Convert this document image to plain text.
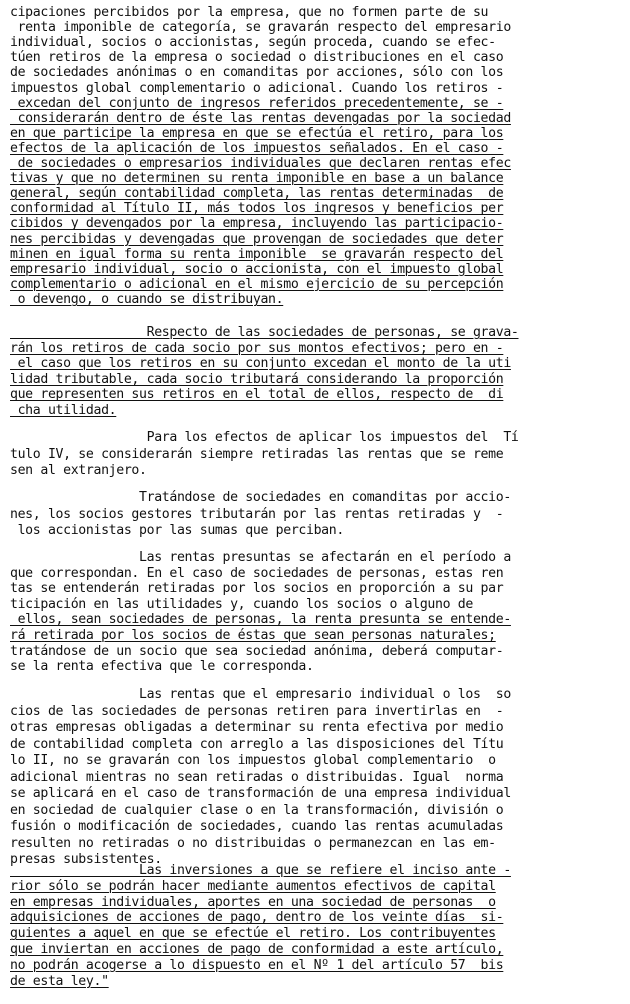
cipaciones percibidos por la empresa, que no formen parte de su
renta imponible de categoría, se gravarán respecto del empresario
individual, socios o accionistas, según proceda, cuando se efec-
túen retiros de la empresa o sociedad o distribuciones en el caso
de sociedades anónimas o en comanditas por acciones, sólo con los
impuestos global complementario o adicional. Cuando los retiros -
excedan del conjunto de ingresos referidos precedentemente, se -
considerarán dentro de éste las rentas devengadas por la sociedad
en que participe la empresa en que se efectúa el retiro, para los
efectos de la aplicación de los impuestos señalados. En el caso -
de sociedades o empresarios individuales que declaren rentas efec
tivas y que no determinen su renta imponible en base a un balance
general, según contabilidad completa, las rentas determinadas  de
conformidad al Título II, más todos los ingresos y beneficios per
cibidos y devengados por la empresa, incluyendo las participacio-
nes percibidas y devengadas que provengan de sociedades que deter
minen en igual forma su renta imponible  se gravarán respecto del
empresario individual, socio o accionista, con el impuesto global
complementario o adicional en el mismo ejercicio de su percepción
o devengo, o cuando se distribuyan.
Respecto de las sociedades de personas, se grava-
rán los retiros de cada socio por sus montos efectivos; pero en -
el caso que los retiros en su conjunto excedan el monto de la uti
lidad tributable, cada socio tributará considerando la proporción
que representen sus retiros en el total de ellos, respecto de  di
cha utilidad.
Para los efectos de aplicar los impuestos del  Tí
tulo IV, se considerarán siempre retiradas las rentas que se reme
sen al extranjero.
Tratándose de sociedades en comanditas por accio-
nes, los socios gestores tributarán por las rentas retiradas y  -
los accionistas por las sumas que perciban.
Las rentas presuntas se afectarán en el período a
que correspondan. En el caso de sociedades de personas, estas ren
tas se entenderán retiradas por los socios en proporción a su par
ticipación en las utilidades y, cuando los socios o alguno de
ellos, sean sociedades de personas, la renta presunta se entende-
rá retirada por los socios de éstas que sean personas naturales;
tratándose de un socio que sea sociedad anónima, deberá computar-
se la renta efectiva que le corresponda.
Las rentas que el empresario individual o los  so
cios de las sociedades de personas retiren para invertirlas en  -
otras empresas obligadas a determinar su renta efectiva por medio
de contabilidad completa con arreglo a las disposiciones del Títu
lo II, no se gravarán con los impuestos global complementario  o
adicional mientras no sean retiradas o distribuidas. Igual  norma
se aplicará en el caso de transformación de una empresa individual
en sociedad de cualquier clase o en la transformación, división o
fusión o modificación de sociedades, cuando las rentas acumuladas
resulten no retiradas o no distribuidas o permanezcan en las em-
presas subsistentes.
Las inversiones a que se refiere el inciso ante -
rior sólo se podrán hacer mediante aumentos efectivos de capital
en empresas individuales, aportes en una sociedad de personas  o
adquisiciones de acciones de pago, dentro de los veinte días  si-
guientes a aquel en que se efectúe el retiro. Los contribuyentes
que inviertan en acciones de pago de conformidad a este artículo,
no podrán acogerse a lo dispuesto en el Nº 1 del artículo 57  bis
de esta ley."
